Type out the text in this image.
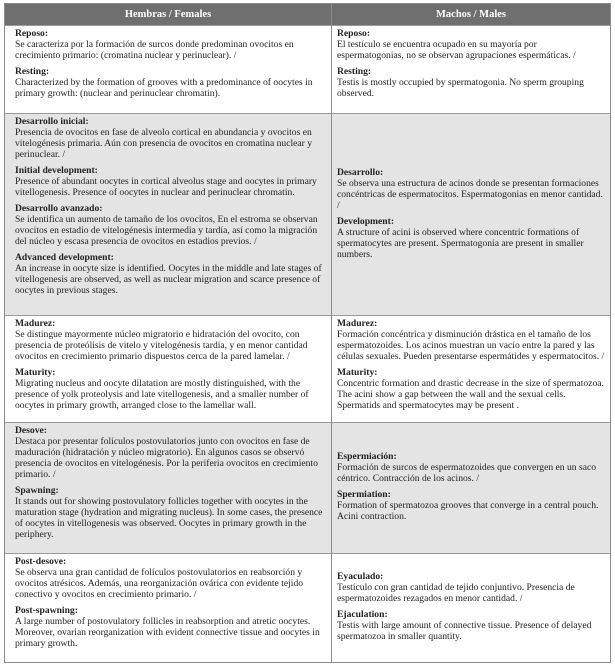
Hembras / Females	Machos / Males
Reposo:
Se caracteriza por la formación de surcos donde predominan ovocitos en crecimiento primario: (cromatina nuclear y perinuclear). /
Resting:
Characterized by the formation of grooves with a predominance of oocytes in primary growth: (nuclear and perinuclear chromatin).
Reposo:
El testículo se encuentra ocupado en su mayoría por espermatogonias, no se observan agrupaciones espermáticas. /
Resting:
Testis is mostly occupied by spermatogonia. No sperm grouping observed.
Desarrollo inicial:
Presencia de ovocitos en fase de alveolo cortical en abundancia y ovocitos en vitelogénesis primaria. Aún con presencia de ovocitos en cromatina nuclear y perinuclear. /
Initial development:
Presence of abundant oocytes in cortical alveolus stage and oocytes in primary vitellogenesis. Presence of oocytes in nuclear and perinuclear chromatin.
Desarrollo avanzado:
Se identifica un aumento de tamaño de los ovocitos, En el estroma se observan ovocitos en estadio de vitelogénesis intermedia y tardía, así como la migración del núcleo y escasa presencia de ovocitos en estadios previos. /
Advanced development:
An increase in oocyte size is identified. Oocytes in the middle and late stages of vitellogenesis are observed, as well as nuclear migration and scarce presence of oocytes in previous stages.
Desarrollo:
Se observa una estructura de acinos donde se presentan formaciones concéntricas de espermatocitos. Espermatogonias en menor cantidad. /
Development:
A structure of acini is observed where concentric formations of spermatocytes are present. Spermatogonia are present in smaller numbers.
Madurez:
Se distingue mayormente núcleo migratorio e hidratación del ovocito, con presencia de proteólisis de vitelo y vitelogénesis tardía, y en menor cantidad ovocitos en crecimiento primario dispuestos cerca de la pared lamelar. /
Maturity:
Migrating nucleus and oocyte dilatation are mostly distinguished, with the presence of yolk proteolysis and late vitellogenesis, and a smaller number of oocytes in primary growth, arranged close to the lamellar wall.
Madurez:
Formación concéntrica y disminución drástica en el tamaño de los espermatozoides. Los acinos muestran un vacío entre la pared y las células sexuales. Pueden presentarse espermátides y espermatocitos. /
Maturity:
Concentric formation and drastic decrease in the size of spermatozoa. The acini show a gap between the wall and the sexual cells. Spermatids and spermatocytes may be present .
Desove:
Destaca por presentar folículos postovulatorios junto con ovocitos en fase de maduración (hidratación y núcleo migratorio). En algunos casos se observó presencia de ovocitos en vitelogénesis. Por la periferia ovocitos en crecimiento primario. /
Spawning:
It stands out for showing postovulatory follicles together with oocytes in the maturation stage (hydration and migrating nucleus). In some cases, the presence of oocytes in vitellogenesis was observed. Oocytes in primary growth in the periphery.
Espermiación:
Formación de surcos de espermatozoides que convergen en un saco céntrico. Contracción de los acinos. /
Spermiation:
Formation of spermatozoa grooves that converge in a central pouch. Acini contraction.
Post-desove:
Se observa una gran cantidad de folículos postovulatorios en reabsorción y ovocitos atrésicos. Además, una reorganización ovárica con evidente tejido conectivo y ovocitos en crecimiento primario. /
Post-spawning:
A large number of postovulatory follicles in reabsorption and atretic oocytes. Moreover, ovarian reorganization with evident connective tissue and oocytes in primary growth.
Eyaculado:
Testículo con gran cantidad de tejido conjuntivo. Presencia de espermatozoides rezagados en menor cantidad. /
Ejaculation:
Testis with large amount of connective tissue. Presence of delayed spermatozoa in smaller quantity.
